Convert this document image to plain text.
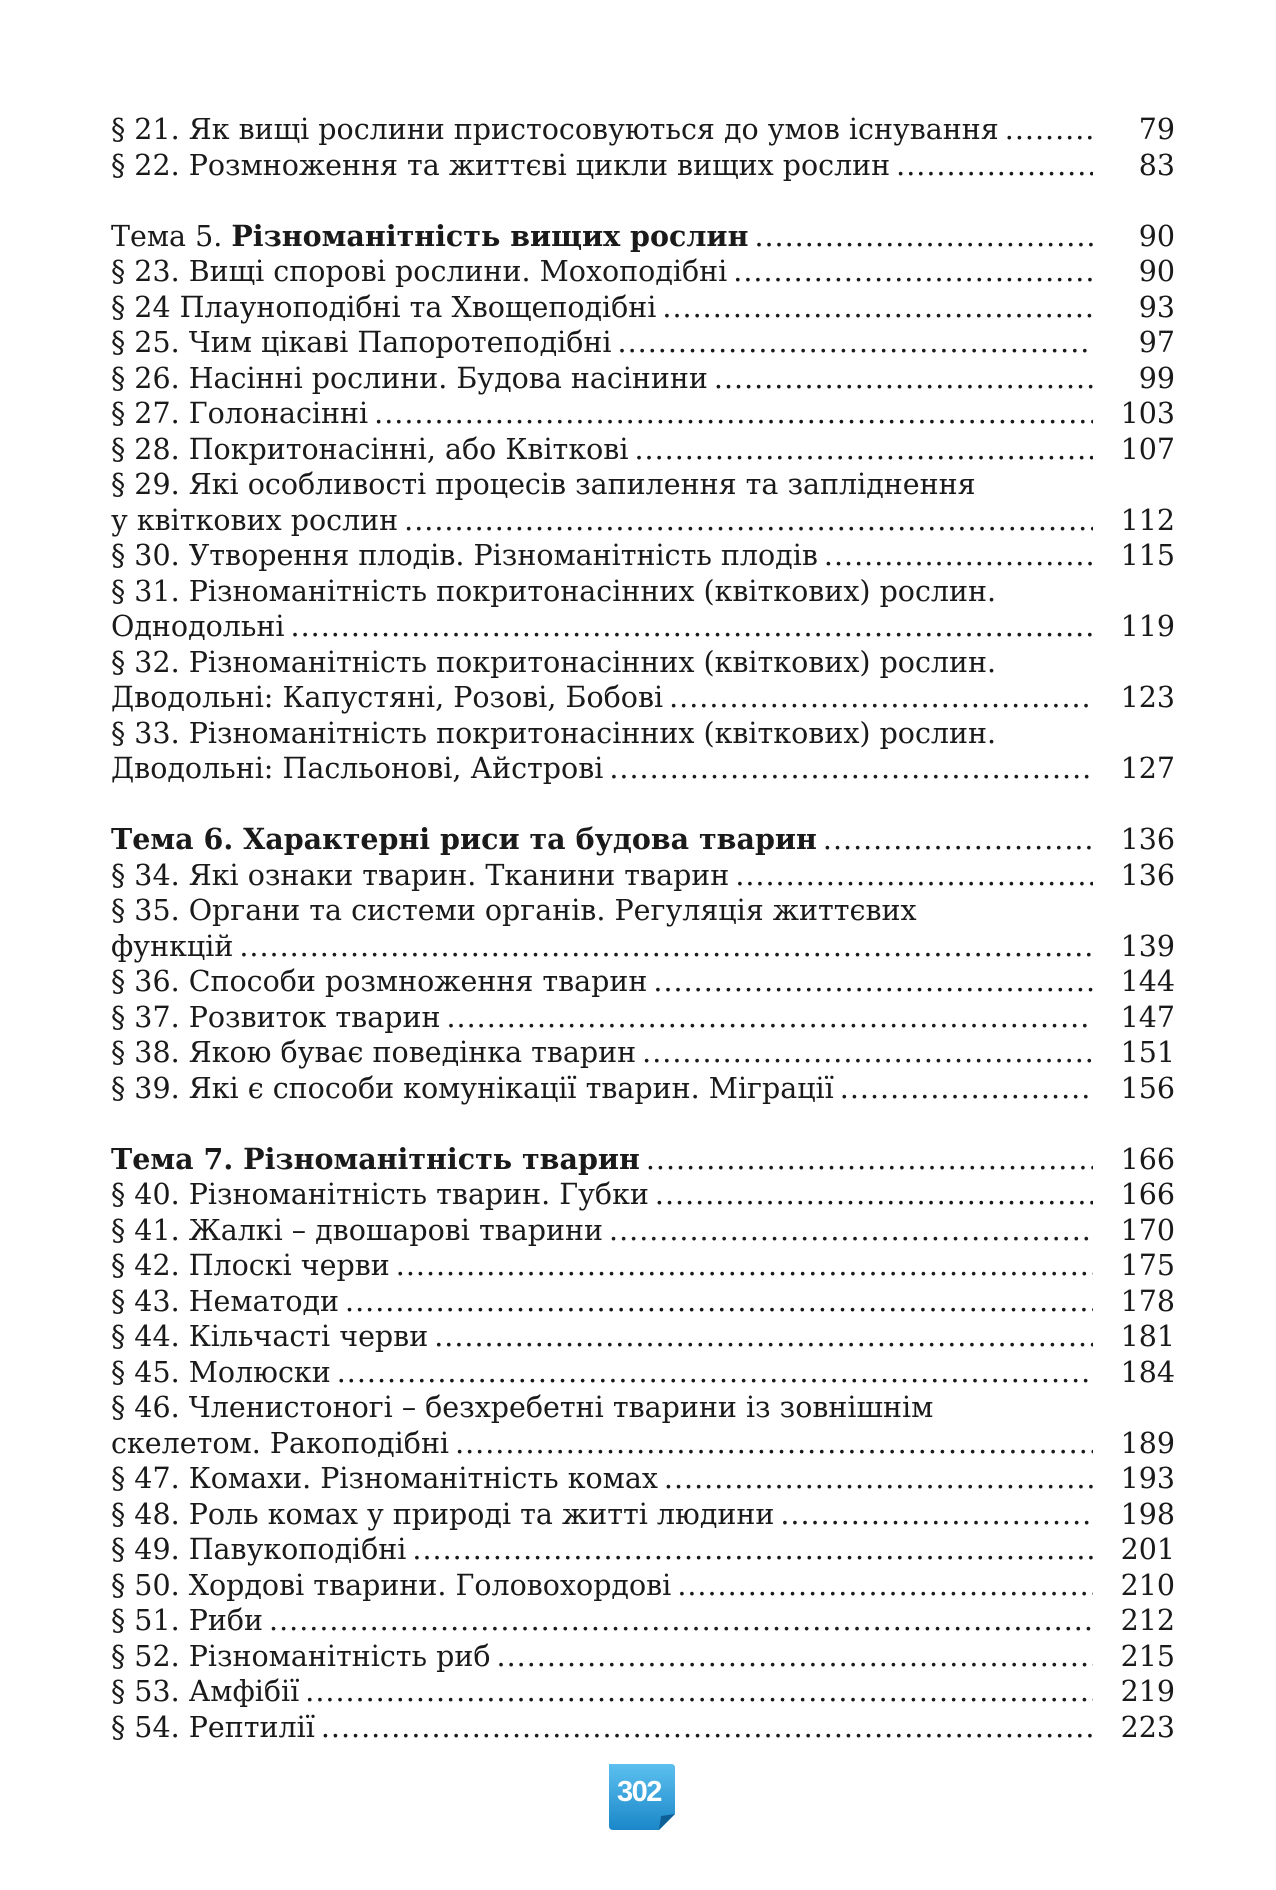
§ 21. Як вищі рослини пристосовуються до умов існування .....	79
§ 22. Розмноження та життєві цикли вищих рослин .....	83
Тема 5. Різноманітність вищих рослин .....	90
§ 23. Вищі спорові рослини. Мохоподібні .....	90
§ 24 Плауноподібні та Хвощеподібні .....	93
§ 25. Чим цікаві Папоротеподібні .....	97
§ 26. Насінні рослини. Будова насінини .....	99
§ 27. Голонасінні .....	103
§ 28. Покритонасінні, або Квіткові .....	107
§ 29. Які особливості процесів запилення та запліднення
у квіткових рослин .....	112
§ 30. Утворення плодів. Різноманітність плодів .....	115
§ 31. Різноманітність покритонасінних (квіткових) рослин.
Однодольні .....	119
§ 32. Різноманітність покритонасінних (квіткових) рослин.
Дводольні: Капустяні, Розові, Бобові .....	123
§ 33. Різноманітність покритонасінних (квіткових) рослин.
Дводольні: Пасльонові, Айстрові .....	127
Тема 6. Характерні риси та будова тварин .....	136
§ 34. Які ознаки тварин. Тканини тварин .....	136
§ 35. Органи та системи органів. Регуляція життєвих
функцій .....	139
§ 36. Способи розмноження тварин .....	144
§ 37. Розвиток тварин .....	147
§ 38. Якою буває поведінка тварин .....	151
§ 39. Які є способи комунікації тварин. Міграції .....	156
Тема 7. Різноманітність тварин .....	166
§ 40. Різноманітність тварин. Губки .....	166
§ 41. Жалкі – двошарові тварини .....	170
§ 42. Плоскі черви .....	175
§ 43. Нематоди .....	178
§ 44. Кільчасті черви .....	181
§ 45. Молюски .....	184
§ 46. Членистоногі – безхребетні тварини із зовнішнім
скелетом. Ракоподібні .....	189
§ 47. Комахи. Різноманітність комах .....	193
§ 48. Роль комах у природі та житті людини .....	198
§ 49. Павукоподібні .....	201
§ 50. Хордові тварини. Головохордові .....	210
§ 51. Риби .....	212
§ 52. Різноманітність риб .....	215
§ 53. Амфібії .....	219
§ 54. Рептилії .....	223
302
